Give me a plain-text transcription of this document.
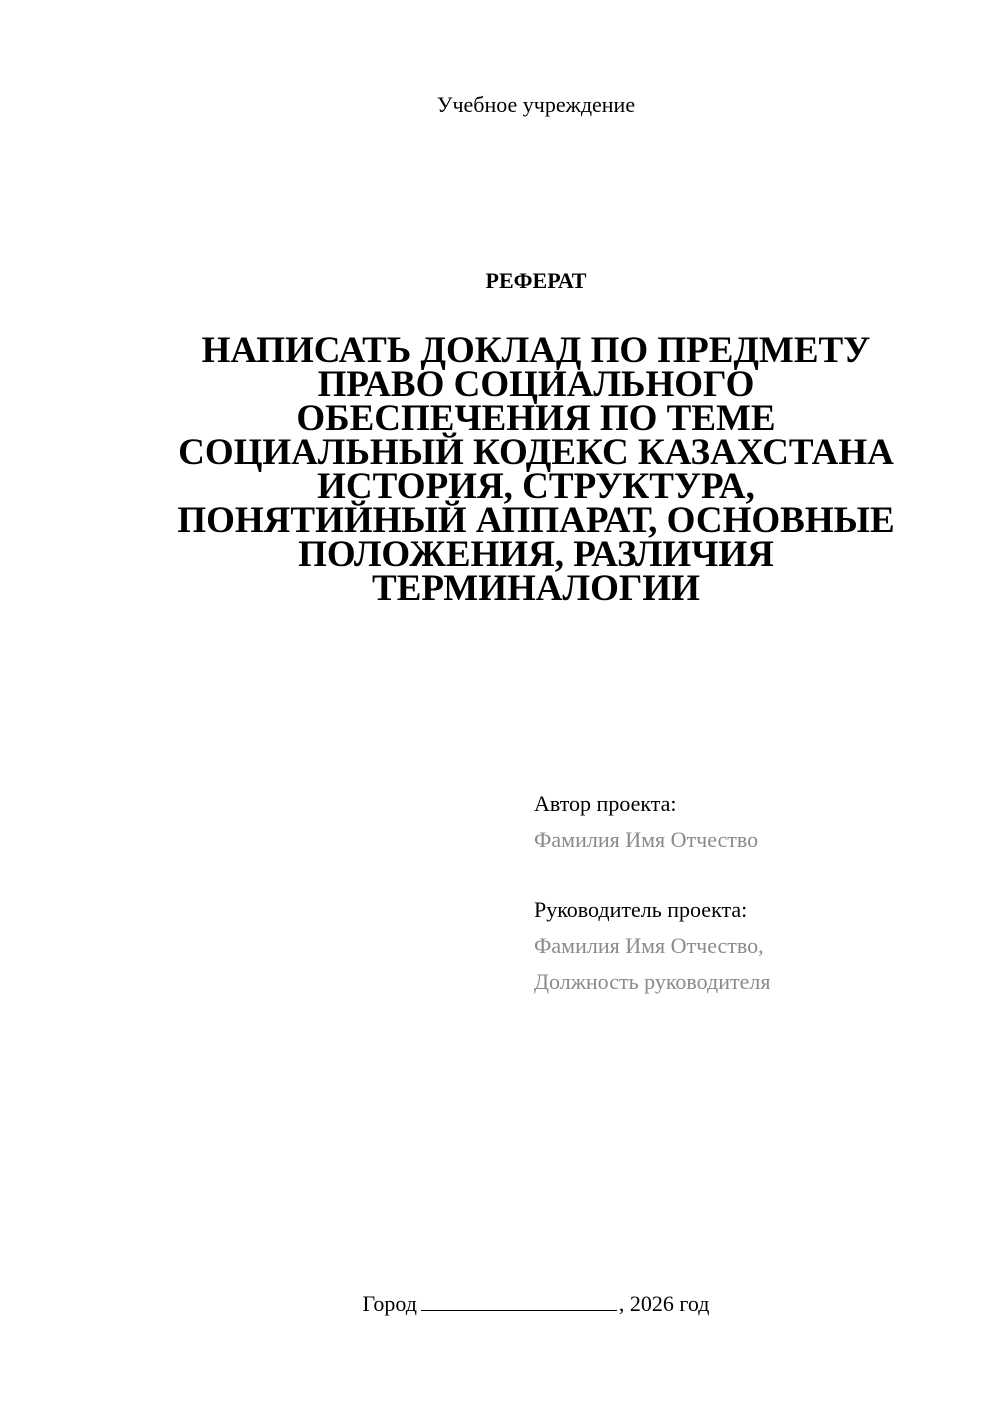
Учебное учреждение
РЕФЕРАТ
НАПИСАТЬ ДОКЛАД ПО ПРЕДМЕТУ
ПРАВО СОЦИАЛЬНОГО
ОБЕСПЕЧЕНИЯ ПО ТЕМЕ
СОЦИАЛЬНЫЙ КОДЕКС КАЗАХСТАНА
ИСТОРИЯ, СТРУКТУРА,
ПОНЯТИЙНЫЙ АППАРАТ, ОСНОВНЫЕ
ПОЛОЖЕНИЯ, РАЗЛИЧИЯ
ТЕРМИНАЛОГИИ
Автор проекта:
Фамилия Имя Отчество
Руководитель проекта:
Фамилия Имя Отчество,
Должность руководителя
Город	, 2026 год
